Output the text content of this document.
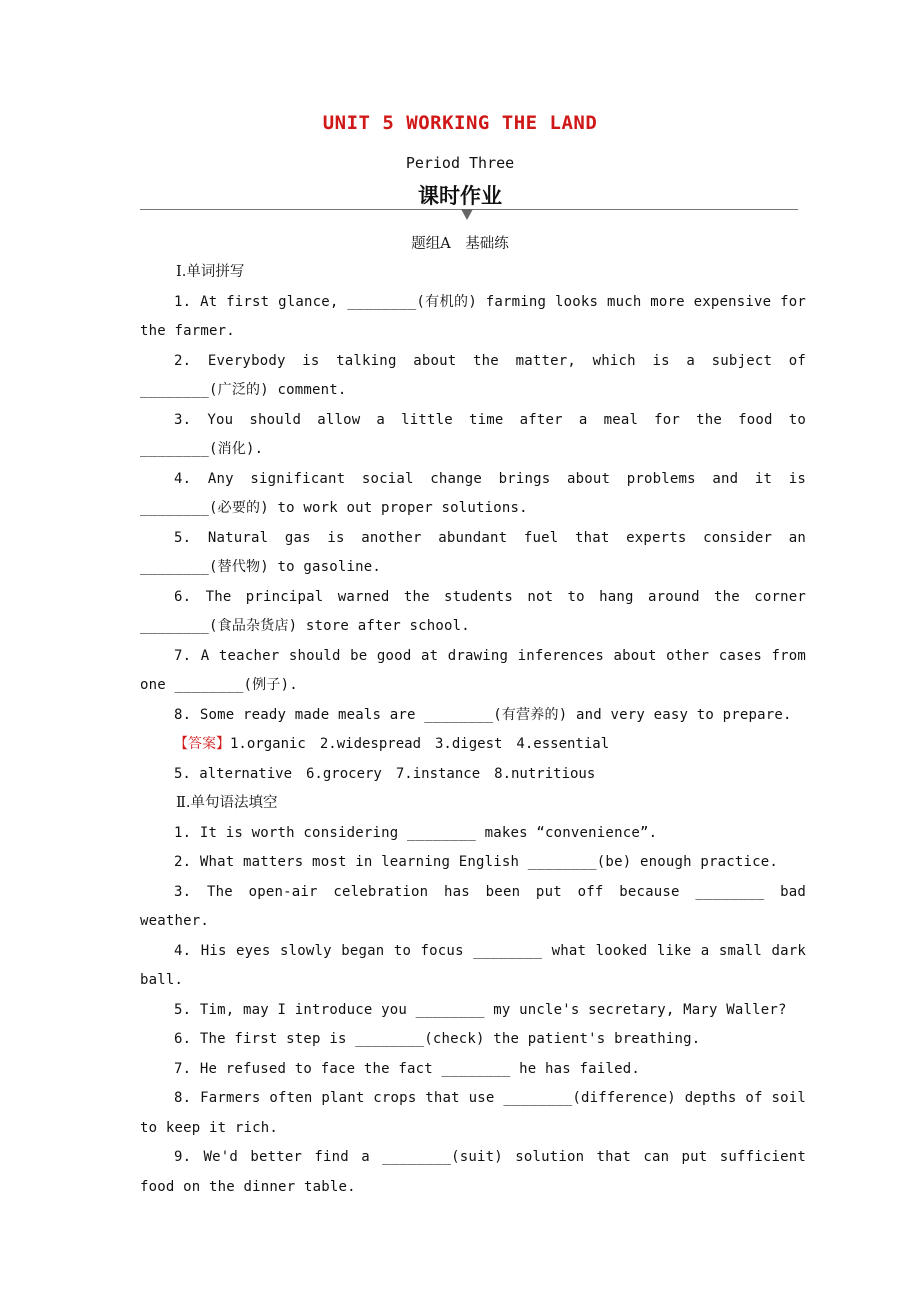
UNIT 5 WORKING THE LAND
Period Three
课时作业
题组A　基础练

Ⅰ.单词拼写

1. At first glance, ________(有机的) farming looks much more expensive for the farmer.

2. Everybody is talking about the matter, which is a subject of ________(广泛的) comment.

3. You should allow a little time after a meal for the food to ________(消化).

4. Any significant social change brings about problems and it is ________(必要的) to work out proper solutions.

5. Natural gas is another abundant fuel that experts consider an ________(替代物) to gasoline.

6. The principal warned the students not to hang around the corner ________(食品杂货店) store after school.

7. A teacher should be good at drawing inferences about other cases from one ________(例子).

8. Some ready made meals are ________(有营养的) and very easy to prepare.

【答案】1.organic　2.widespread　3.digest　4.essential

5. alternative　6.grocery　7.instance　8.nutritious

Ⅱ.单句语法填空

1. It is worth considering ________ makes “convenience”.

2. What matters most in learning English ________(be) enough practice.

3. The open-air celebration has been put off because ________ bad weather.

4. His eyes slowly began to focus ________ what looked like a small dark ball.

5. Tim, may I introduce you ________ my uncle's secretary, Mary Waller?

6. The first step is ________(check) the patient's breathing.

7. He refused to face the fact ________ he has failed.

8. Farmers often plant crops that use ________(difference) depths of soil to keep it rich.

9. We'd better find a ________(suit) solution that can put sufficient food on the dinner table.
